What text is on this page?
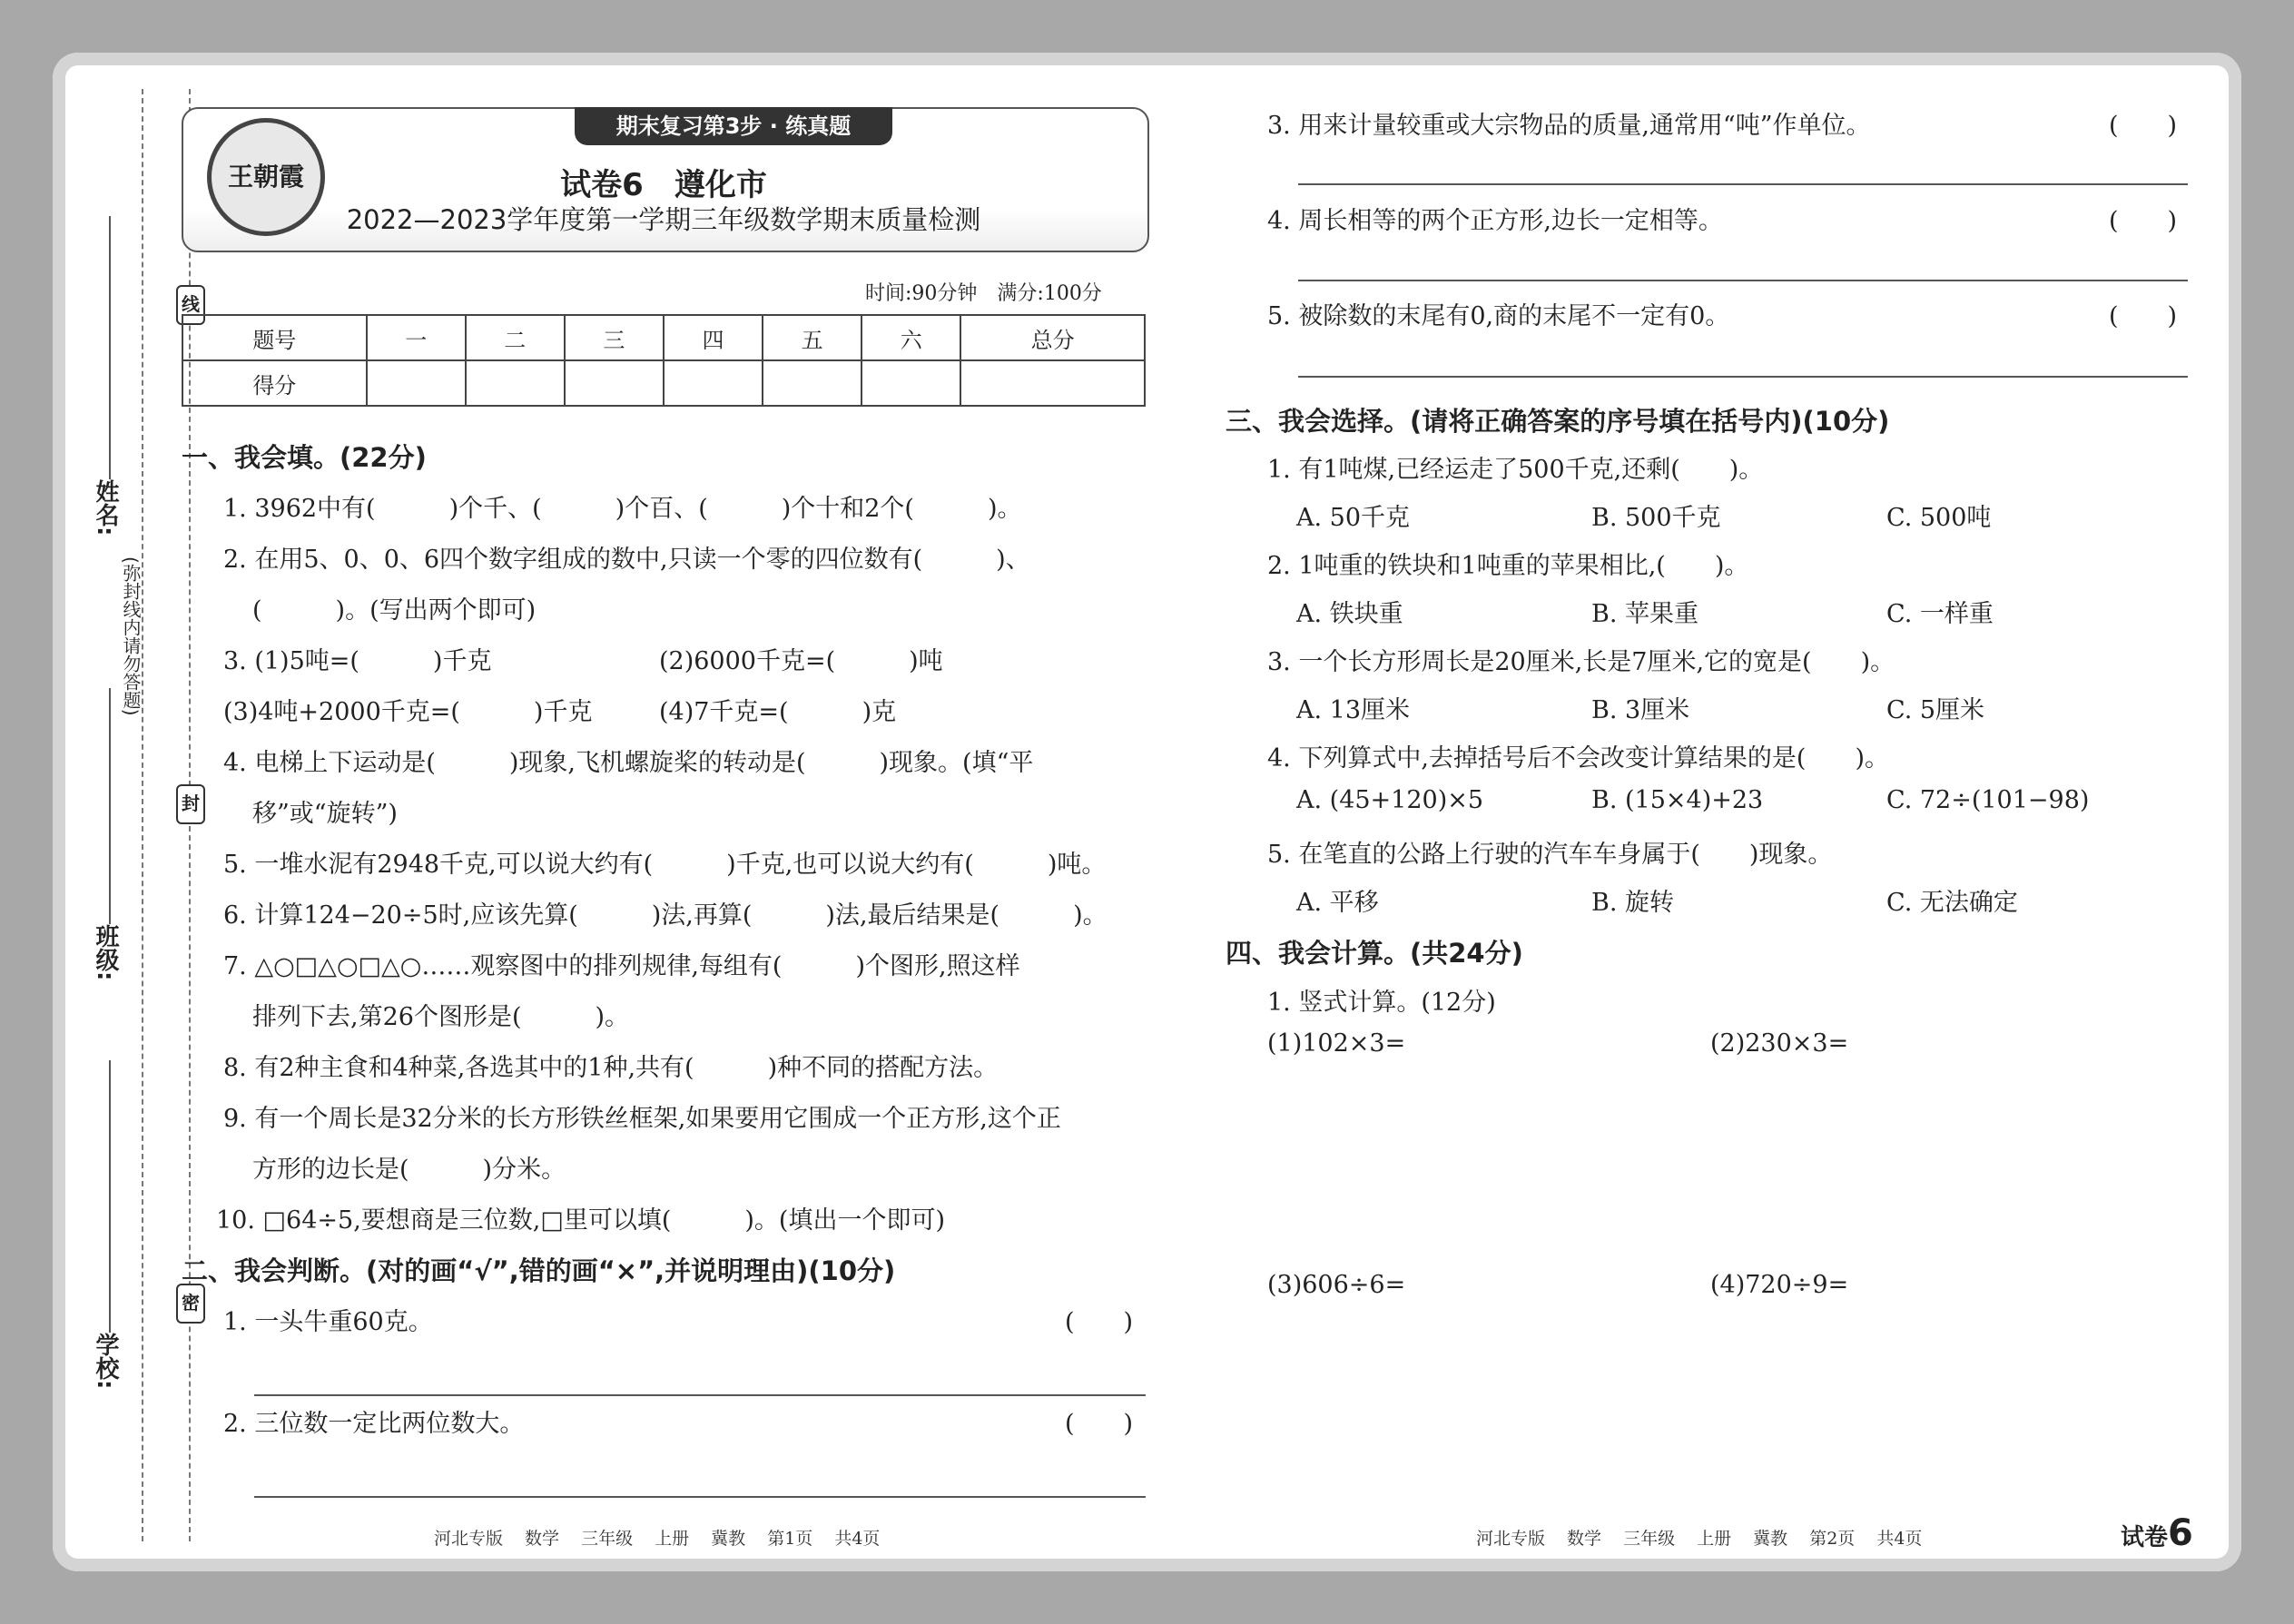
线
封
密
姓名:
班级:
学校:
(弥封线内请勿答题)
王朝霞
期末复习第3步 · 练真题
试卷6　遵化市
2022—2023学年度第一学期三年级数学期末质量检测
时间:90分钟　满分:100分
题号	一	二	三	四	五	六	总分
得分							
一、我会填。(22分)
1. 3962中有(　　　)个千、(　　　)个百、(　　　)个十和2个(　　　)。
2. 在用5、0、0、6四个数字组成的数中,只读一个零的四位数有(　　　)、
(　　　)。(写出两个即可)
3. (1)5吨=(　　　)千克	(2)6000千克=(　　　)吨
(3)4吨+2000千克=(　　　)千克	(4)7千克=(　　　)克
4. 电梯上下运动是(　　　)现象,飞机螺旋桨的转动是(　　　)现象。(填“平
移”或“旋转”)
5. 一堆水泥有2948千克,可以说大约有(　　　)千克,也可以说大约有(　　　)吨。
6. 计算124−20÷5时,应该先算(　　　)法,再算(　　　)法,最后结果是(　　　)。
7. △○□△○□△○……观察图中的排列规律,每组有(　　　)个图形,照这样
排列下去,第26个图形是(　　　)。
8. 有2种主食和4种菜,各选其中的1种,共有(　　　)种不同的搭配方法。
9. 有一个周长是32分米的长方形铁丝框架,如果要用它围成一个正方形,这个正
方形的边长是(　　　)分米。
10. □64÷5,要想商是三位数,□里可以填(　　　)。(填出一个即可)
二、我会判断。(对的画“√”,错的画“×”,并说明理由)(10分)
1. 一头牛重60克。	(　　)
2. 三位数一定比两位数大。	(　　)
河北专版 数学 三年级 上册 冀教 第1页 共4页
3. 用来计量较重或大宗物品的质量,通常用“吨”作单位。	(　　)
4. 周长相等的两个正方形,边长一定相等。	(　　)
5. 被除数的末尾有0,商的末尾不一定有0。	(　　)
三、我会选择。(请将正确答案的序号填在括号内)(10分)
1. 有1吨煤,已经运走了500千克,还剩(　　)。
A. 50千克	B. 500千克	C. 500吨
2. 1吨重的铁块和1吨重的苹果相比,(　　)。
A. 铁块重	B. 苹果重	C. 一样重
3. 一个长方形周长是20厘米,长是7厘米,它的宽是(　　)。
A. 13厘米	B. 3厘米	C. 5厘米
4. 下列算式中,去掉括号后不会改变计算结果的是(　　)。
A. (45+120)×5	B. (15×4)+23	C. 72÷(101−98)
5. 在笔直的公路上行驶的汽车车身属于(　　)现象。
A. 平移	B. 旋转	C. 无法确定
四、我会计算。(共24分)
1. 竖式计算。(12分)
(1)102×3=	(2)230×3=
(3)606÷6=	(4)720÷9=
河北专版 数学 三年级 上册 冀教 第2页 共4页	试卷6
